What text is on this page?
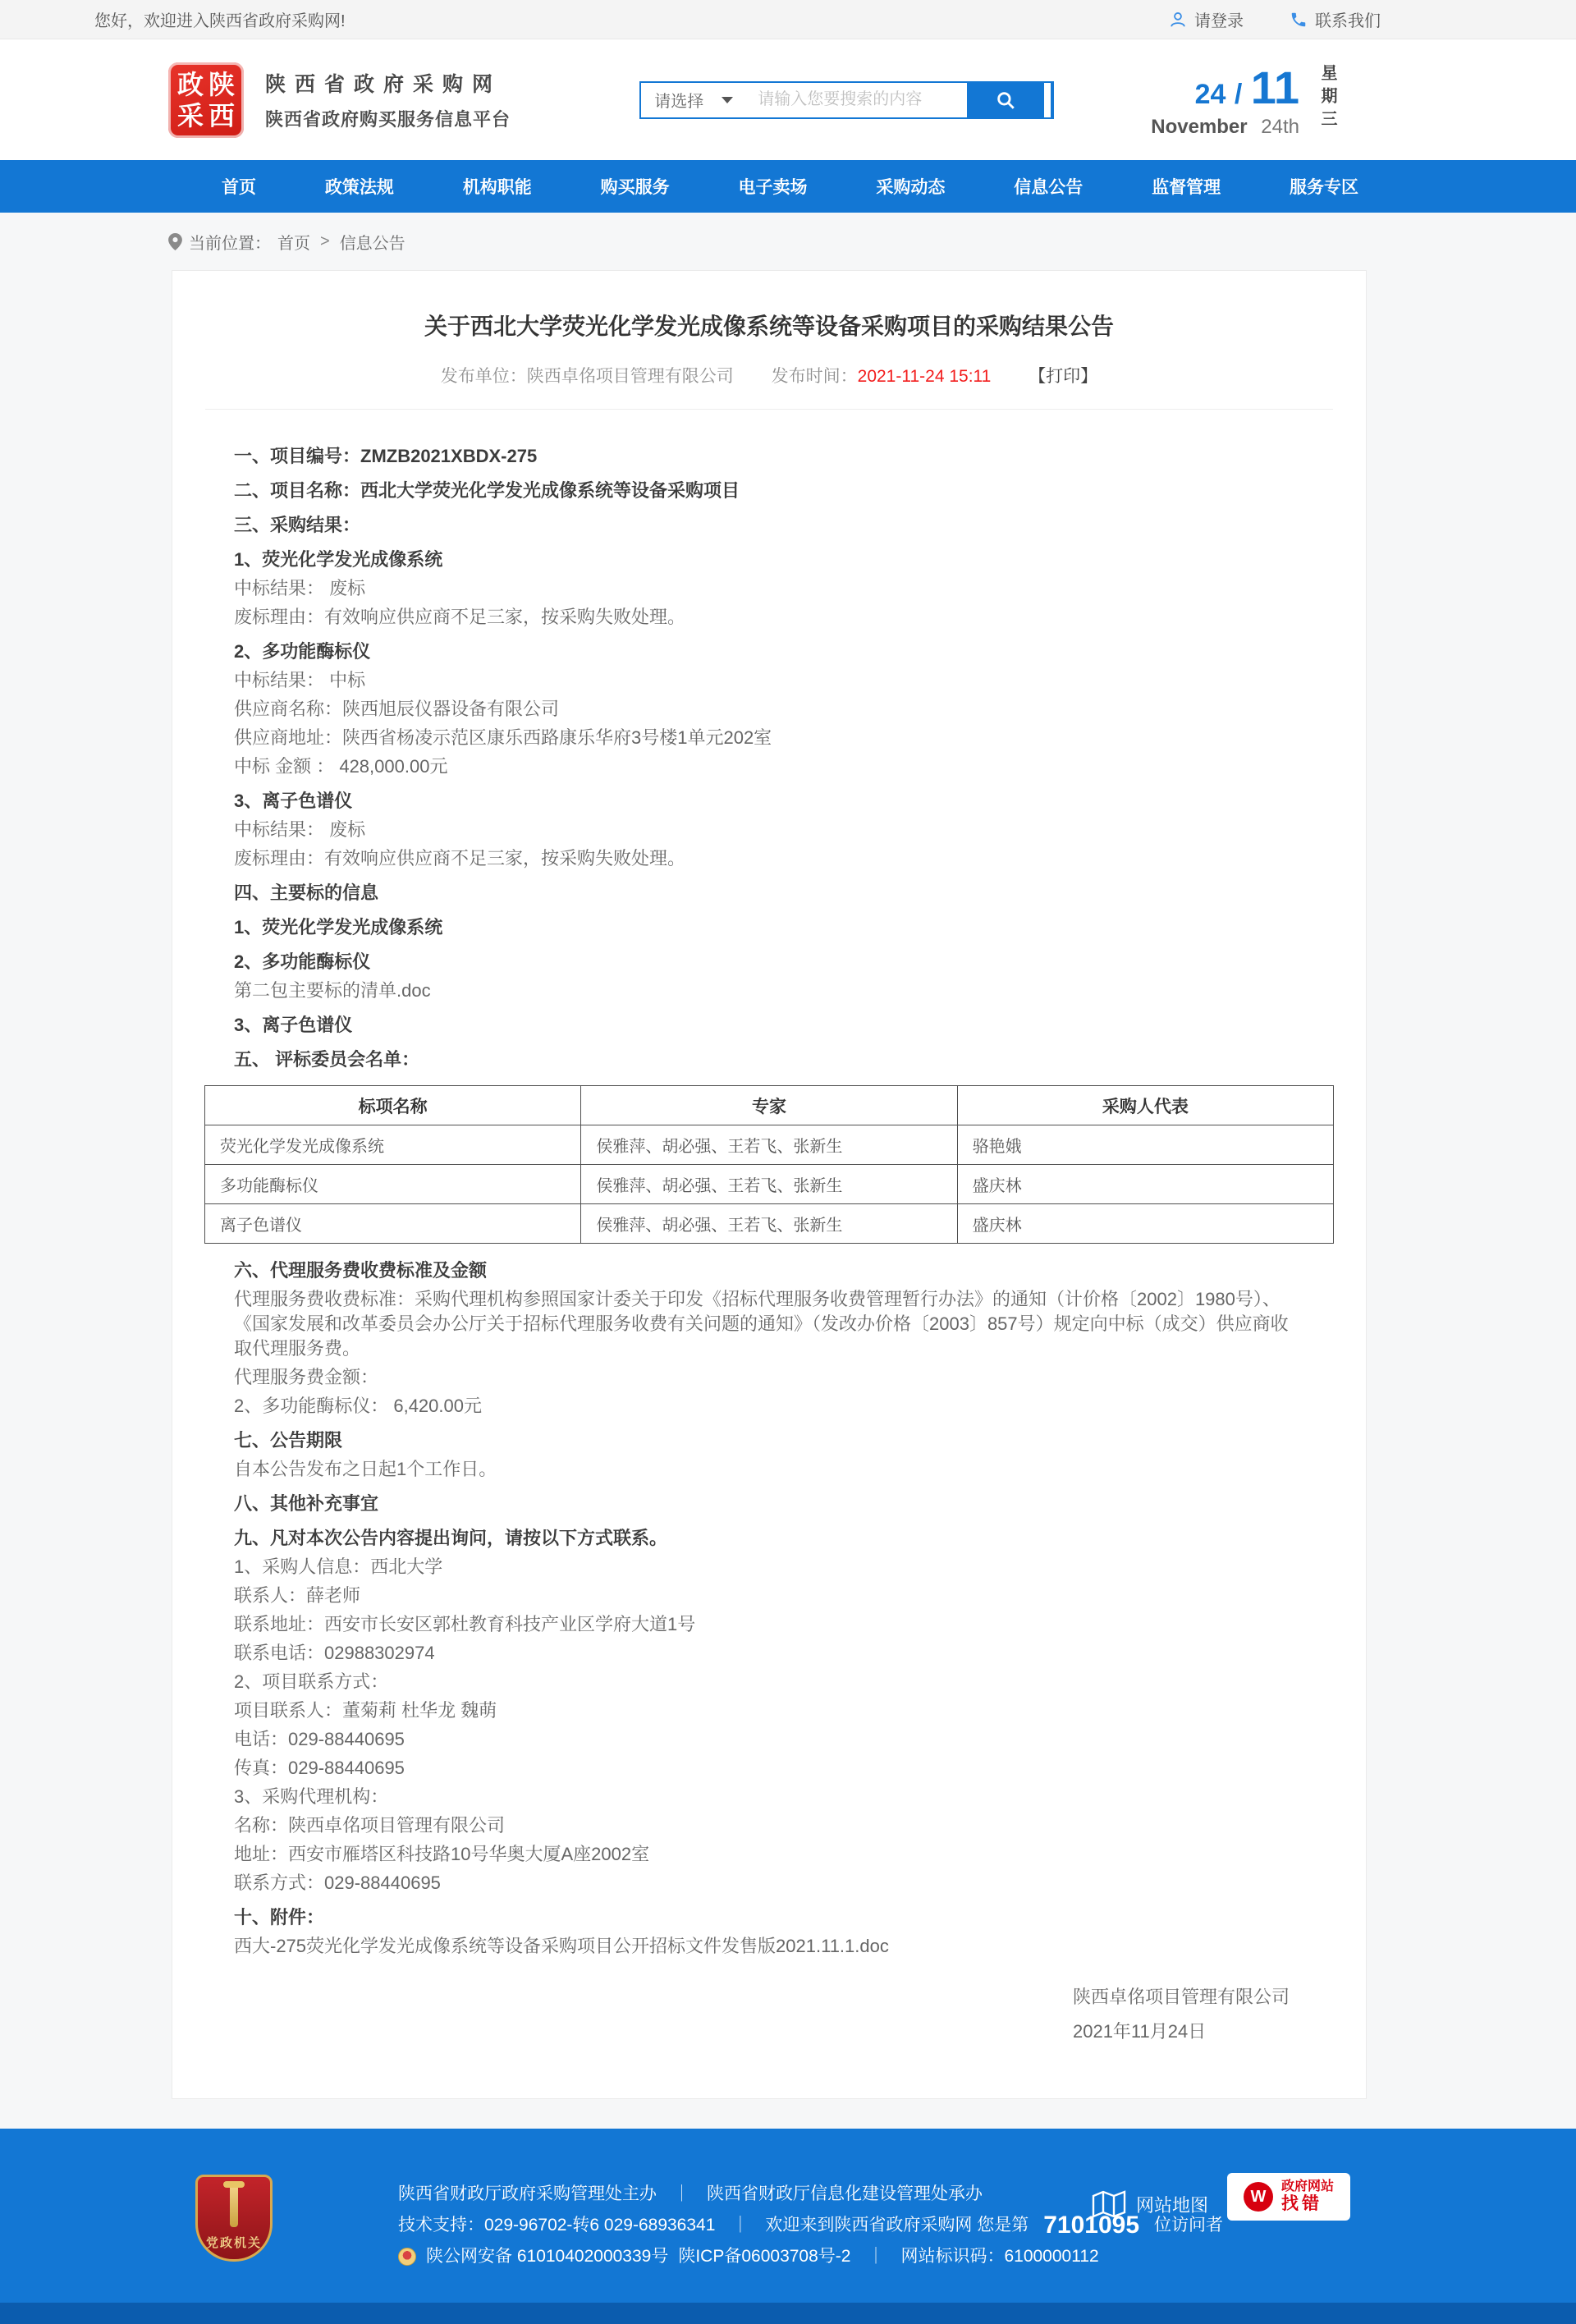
您好，欢迎进入陕西省政府采购网!	请登录	联系我们
政陕
采西
陕西省政府采购网
陕西省政府购买服务信息平台
请选择
请输入您要搜索的内容	24 / 11
November 24th 星期三
首页	政策法规	机构职能	购买服务	电子卖场	采购动态	信息公告	监督管理	服务专区
当前位置： 首页 > 信息公告
关于西北大学荧光化学发光成像系统等设备采购项目的采购结果公告
发布单位：陕西卓佲项目管理有限公司 发布时间：2021-11-24 15:11 【打印】

一、项目编号：ZMZB2021XBDX-275

二、项目名称：西北大学荧光化学发光成像系统等设备采购项目

三、采购结果：

1、荧光化学发光成像系统

中标结果： 废标

废标理由：有效响应供应商不足三家，按采购失败处理。

2、多功能酶标仪

中标结果： 中标

供应商名称：陕西旭辰仪器设备有限公司

供应商地址：陕西省杨凌示范区康乐西路康乐华府3号楼1单元202室

中标 金额 ： 428,000.00元

3、离子色谱仪

中标结果： 废标

废标理由：有效响应供应商不足三家，按采购失败处理。

四、主要标的信息

1、荧光化学发光成像系统

2、多功能酶标仪

第二包主要标的清单.doc

3、离子色谱仪

五、 评标委员会名单：

标项名称	专家	采购人代表
荧光化学发光成像系统	侯雅萍、胡必强、王若飞、张新生	骆艳娥
多功能酶标仪	侯雅萍、胡必强、王若飞、张新生	盛庆林
离子色谱仪	侯雅萍、胡必强、王若飞、张新生	盛庆林

六、代理服务费收费标准及金额

代理服务费收费标准：采购代理机构参照国家计委关于印发《招标代理服务收费管理暂行办法》的通知（计价格〔2002〕1980号）、《国家发展和改革委员会办公厅关于招标代理服务收费有关问题的通知》（发改办价格〔2003〕857号）规定向中标（成交）供应商收取代理服务费。

代理服务费金额：

2、多功能酶标仪： 6,420.00元

七、公告期限

自本公告发布之日起1个工作日。

八、其他补充事宜

九、凡对本次公告内容提出询问，请按以下方式联系。

1、采购人信息：西北大学

联系人：薛老师

联系地址：西安市长安区郭杜教育科技产业区学府大道1号

联系电话：02988302974

2、项目联系方式：

项目联系人：董菊莉 杜华龙 魏萌

电话：029-88440695

传真：029-88440695

3、采购代理机构：

名称：陕西卓佲项目管理有限公司

地址：西安市雁塔区科技路10号华奥大厦A座2002室

联系方式：029-88440695

十、附件：

西大-275荧光化学发光成像系统等设备采购项目公开招标文件发售版2021.11.1.doc

陕西卓佲项目管理有限公司
2021年11月24日
党政机关
陕西省财政厅政府采购管理处主办 ｜ 陕西省财政厅信息化建设管理处承办
技术支持：029-96702-转6 029-68936341 ｜ 欢迎来到陕西省政府采购网 您是第 7101095 位访问者
陕公网安备 61010402000339号 陕ICP备06003708号-2 ｜ 网站标识码：6100000112
网站地图	W
政府网站
找错
